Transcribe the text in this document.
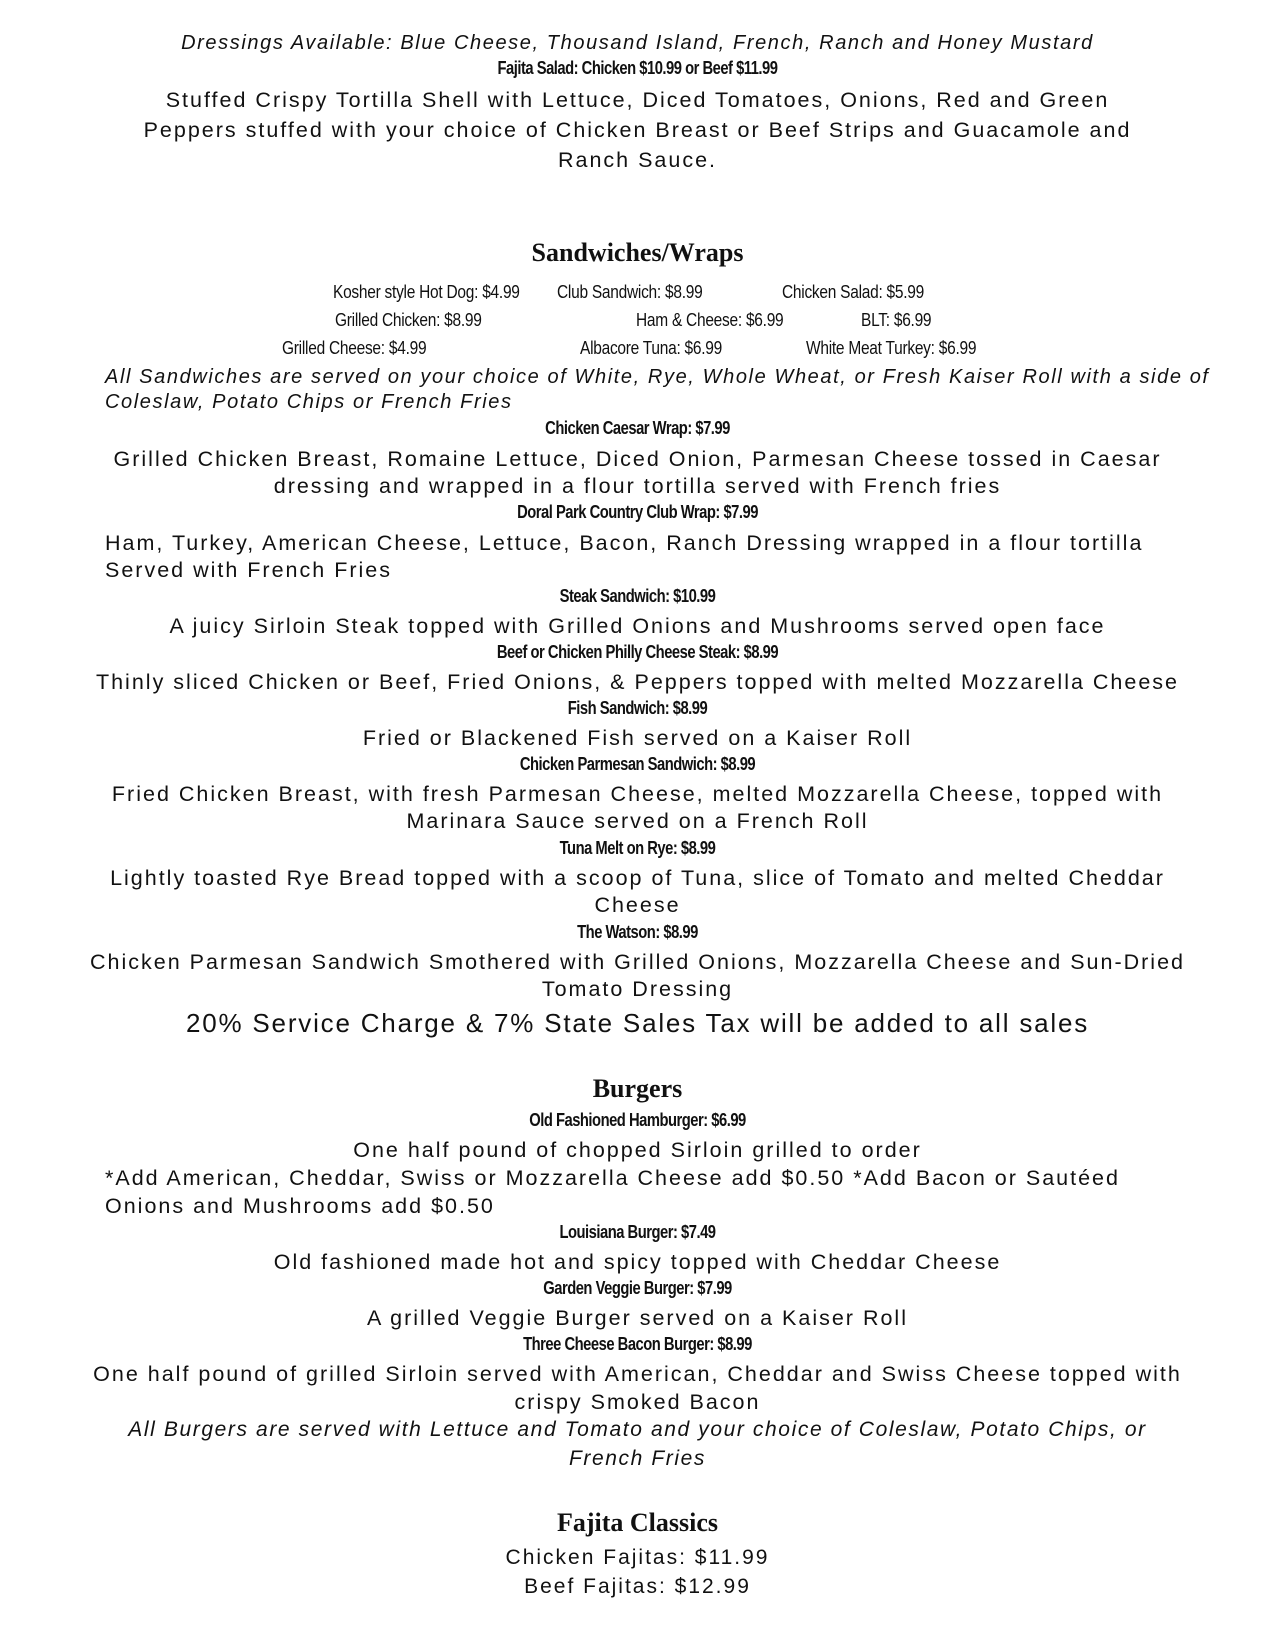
Dressings Available: Blue Cheese, Thousand Island, French, Ranch and Honey Mustard
Fajita Salad: Chicken $10.99 or Beef $11.99
Stuffed Crispy Tortilla Shell with Lettuce, Diced Tomatoes, Onions, Red and Green
Peppers stuffed with your choice of Chicken Breast or Beef Strips and Guacamole and
Ranch Sauce.
Sandwiches/Wraps
Kosher style Hot Dog: $4.99 Club Sandwich: $8.99	Chicken Salad: $5.99
Grilled Chicken: $8.99	Ham & Cheese: $6.99	BLT: $6.99
Grilled Cheese: $4.99	Albacore Tuna: $6.99	White Meat Turkey: $6.99
All Sandwiches are served on your choice of White, Rye, Whole Wheat, or Fresh Kaiser Roll with a side of
Coleslaw, Potato Chips or French Fries
Chicken Caesar Wrap: $7.99
Grilled Chicken Breast, Romaine Lettuce, Diced Onion, Parmesan Cheese tossed in Caesar
dressing and wrapped in a flour tortilla served with French fries
Doral Park Country Club Wrap: $7.99
Ham, Turkey, American Cheese, Lettuce, Bacon, Ranch Dressing wrapped in a flour tortilla
Served with French Fries
Steak Sandwich: $10.99
A juicy Sirloin Steak topped with Grilled Onions and Mushrooms served open face
Beef or Chicken Philly Cheese Steak: $8.99
Thinly sliced Chicken or Beef, Fried Onions, & Peppers topped with melted Mozzarella Cheese
Fish Sandwich: $8.99
Fried or Blackened Fish served on a Kaiser Roll
Chicken Parmesan Sandwich: $8.99
Fried Chicken Breast, with fresh Parmesan Cheese, melted Mozzarella Cheese, topped with
Marinara Sauce served on a French Roll
Tuna Melt on Rye: $8.99
Lightly toasted Rye Bread topped with a scoop of Tuna, slice of Tomato and melted Cheddar
Cheese
The Watson: $8.99
Chicken Parmesan Sandwich Smothered with Grilled Onions, Mozzarella Cheese and Sun-Dried
Tomato Dressing
20% Service Charge & 7% State Sales Tax will be added to all sales
Burgers
Old Fashioned Hamburger: $6.99
One half pound of chopped Sirloin grilled to order
*Add American, Cheddar, Swiss or Mozzarella Cheese add $0.50 *Add Bacon or Sautéed
Onions and Mushrooms add $0.50
Louisiana Burger: $7.49
Old fashioned made hot and spicy topped with Cheddar Cheese
Garden Veggie Burger: $7.99
A grilled Veggie Burger served on a Kaiser Roll
Three Cheese Bacon Burger: $8.99
One half pound of grilled Sirloin served with American, Cheddar and Swiss Cheese topped with
crispy Smoked Bacon
All Burgers are served with Lettuce and Tomato and your choice of Coleslaw, Potato Chips, or
French Fries
Fajita Classics
Chicken Fajitas: $11.99
Beef Fajitas: $12.99
